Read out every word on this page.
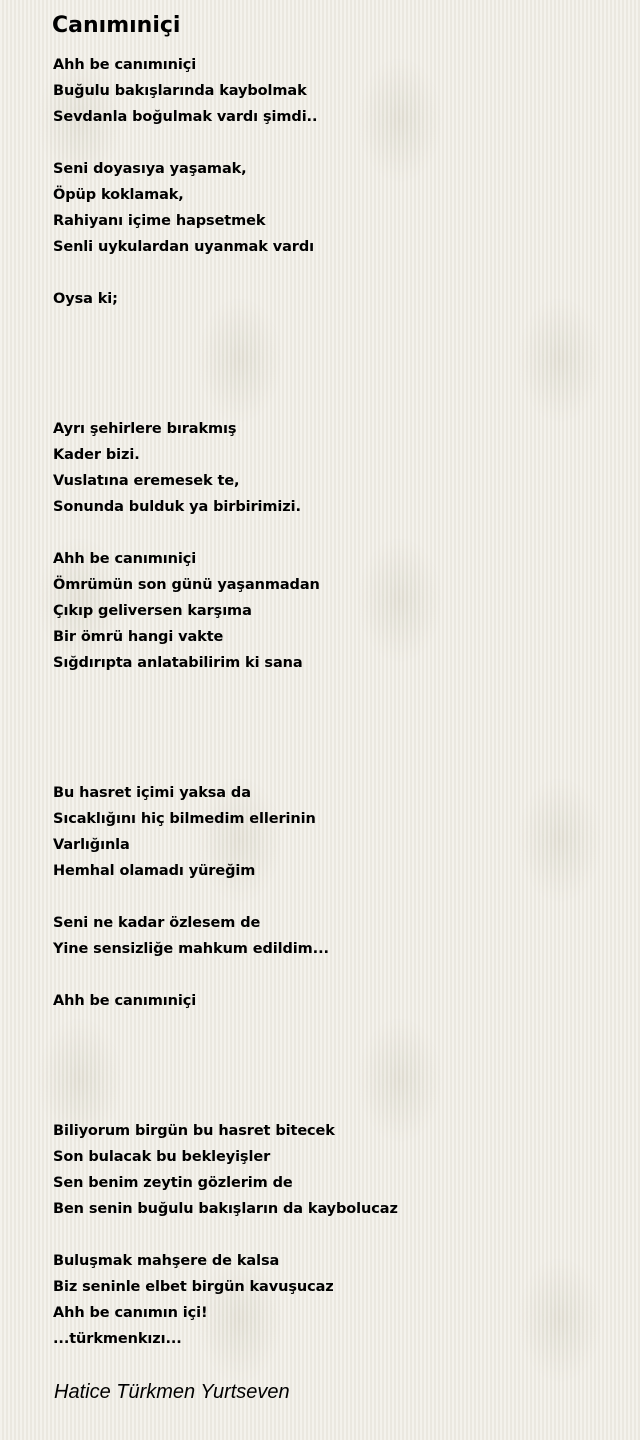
Canımıniçi
Ahh be canımıniçi
Buğulu bakışlarında kaybolmak
Sevdanla boğulmak vardı şimdi..
Seni doyasıya yaşamak,
Öpüp koklamak,
Rahiyanı içime hapsetmek
Senli uykulardan uyanmak vardı
Oysa ki;
Ayrı şehirlere bırakmış
Kader bizi.
Vuslatına eremesek te,
Sonunda bulduk ya birbirimizi.
Ahh be canımıniçi
Ömrümün son günü yaşanmadan
Çıkıp geliversen karşıma
Bir ömrü hangi vakte
Sığdırıpta anlatabilirim ki sana
Bu hasret içimi yaksa da
Sıcaklığını hiç bilmedim ellerinin
Varlığınla
Hemhal olamadı yüreğim
Seni ne kadar özlesem de
Yine sensizliğe mahkum edildim...
Ahh be canımıniçi
Biliyorum birgün bu hasret bitecek
Son bulacak bu bekleyişler
Sen benim zeytin gözlerim de
Ben senin buğulu bakışların da kaybolucaz
Buluşmak mahşere de kalsa
Biz seninle elbet birgün kavuşucaz
Ahh be canımın içi!
...türkmenkızı...
Hatice Türkmen Yurtseven
